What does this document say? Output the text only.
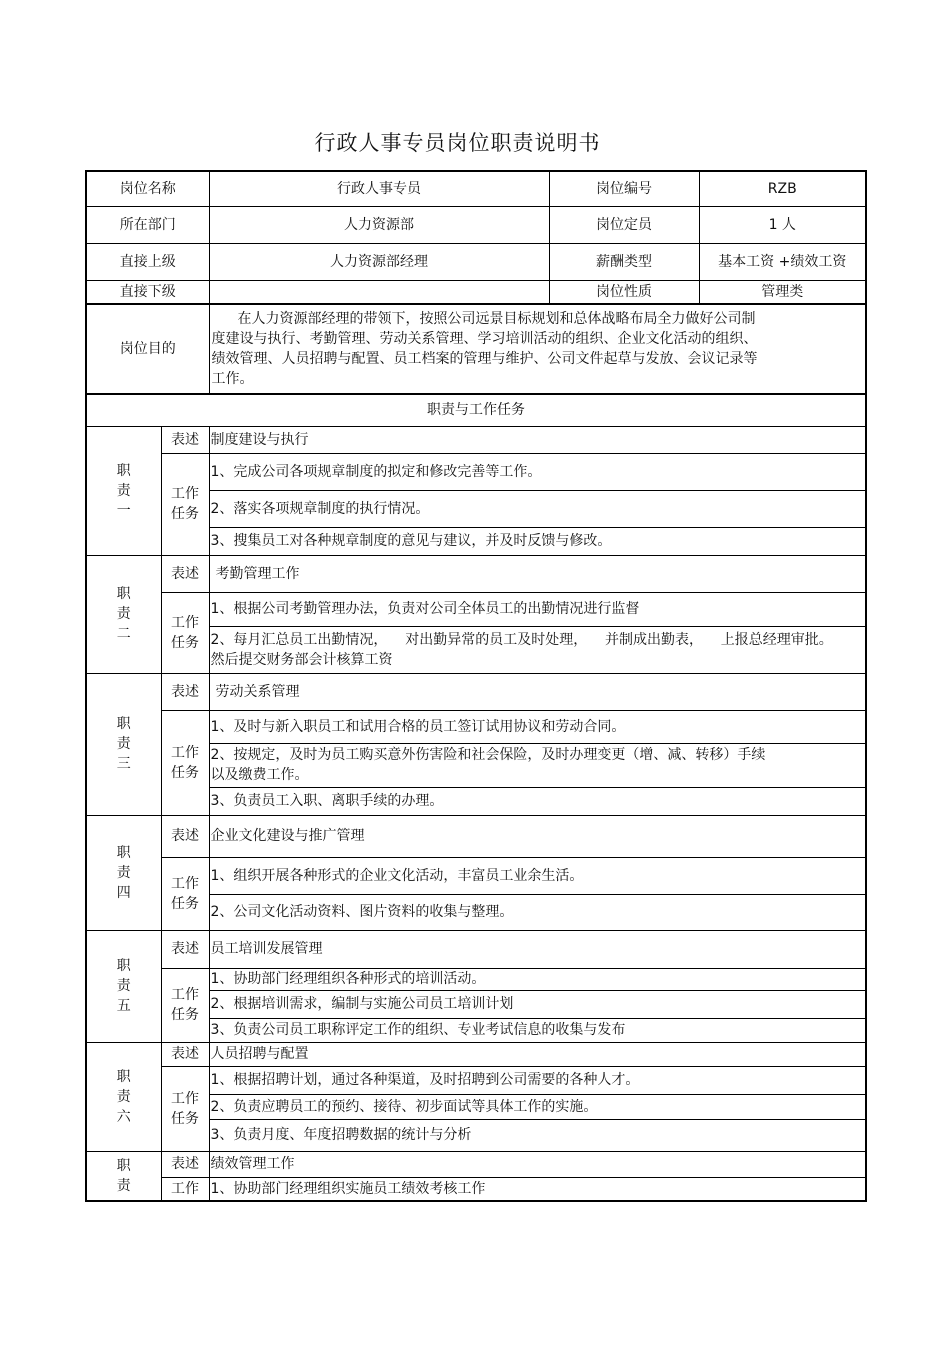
行政人事专员岗位职责说明书
岗位名称		行政人事专员	岗位编号	RZB
所在部门		人力资源部	岗位定员	1 人
直接上级		人力资源部经理	薪酬类型	基本工资 +绩效工资
直接下级			岗位性质	管理类
岗位目的		在人力资源部经理的带领下，按照公司远景目标规划和总体战略布局全力做好公司制
度建设与执行、考勤管理、劳动关系管理、学习培训活动的组织、企业文化活动的组织、
绩效管理、人员招聘与配置、员工档案的管理与维护、公司文件起草与发放、会议记录等
工作。		

职责与工作任务				

职
责
一	表述	制度建设与执行		

	工作
任务	1、完成公司各项规章制度的拟定和修改完善等工作。		
		2、落实各项规章制度的执行情况。		
		3、搜集员工对各种规章制度的意见与建议，并及时反馈与修改。		

职
责
二	表述	考勤管理工作		

	工作
任务	1、根据公司考勤管理办法，负责对公司全体员工的出勤情况进行监督		

		2、每月汇总员工出勤情况，    对出勤异常的员工及时处理，    并制成出勤表，    上报总经理审批。
然后提交财务部会计核算工资		

职
责
三	表述	劳动关系管理		

	工作
任务	1、及时与新入职员工和试用合格的员工签订试用协议和劳动合同。		

		2、按规定，及时为员工购买意外伤害险和社会保险，及时办理变更（增、减、转移）手续
以及缴费工作。		

		3、负责员工入职、离职手续的办理。		

职
责
四	表述	企业文化建设与推广管理		

	工作
任务	1、组织开展各种形式的企业文化活动，丰富员工业余生活。		
		2、公司文化活动资料、图片资料的收集与整理。		

职
责
五	表述	员工培训发展管理		

	工作
任务	1、协助部门经理组织各种形式的培训活动。		
		2、根据培训需求，编制与实施公司员工培训计划		
		3、负责公司员工职称评定工作的组织、专业考试信息的收集与发布		

职
责
六	表述	人员招聘与配置		

	工作
任务	1、根据招聘计划，通过各种渠道，及时招聘到公司需要的各种人才。		
		2、负责应聘员工的预约、接待、初步面试等具体工作的实施。		
		3、负责月度、年度招聘数据的统计与分析		

职
责	表述	绩效管理工作		
	工作	1、协助部门经理组织实施员工绩效考核工作		
